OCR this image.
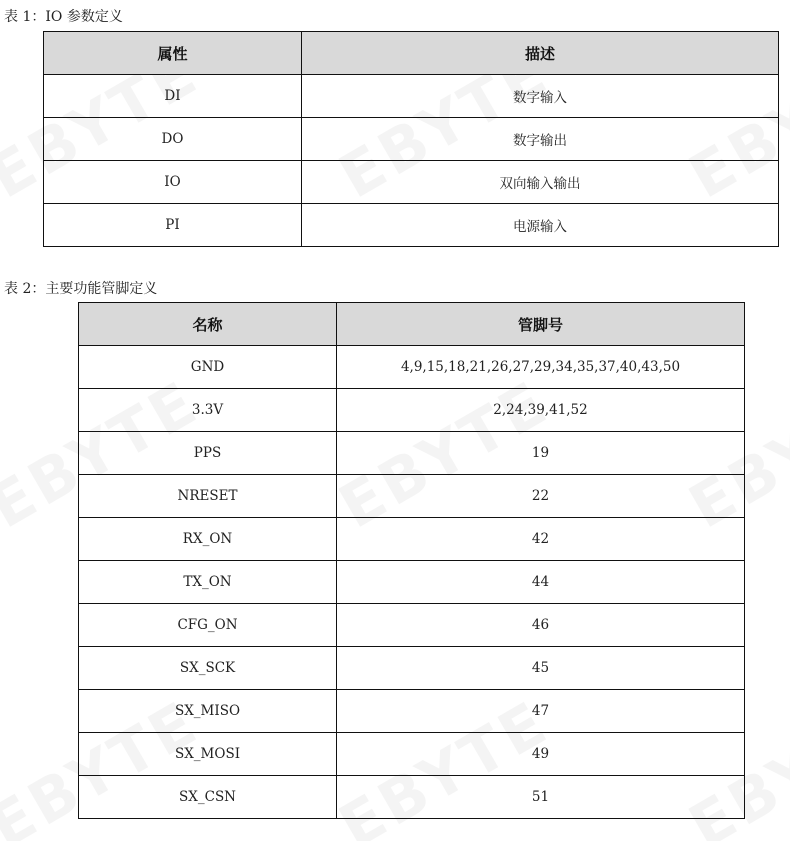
表 1：IO 参数定义
属性	描述
DI	数字输入
DO	数字输出
IO	双向输入输出
PI	电源输入
表 2：主要功能管脚定义
名称	管脚号
GND	4,9,15,18,21,26,27,29,34,35,37,40,43,50
3.3V	2,24,39,41,52
PPS	19
NRESET	22
RX_ON	42
TX_ON	44
CFG_ON	46
SX_SCK	45
SX_MISO	47
SX_MOSI	49
SX_CSN	51
